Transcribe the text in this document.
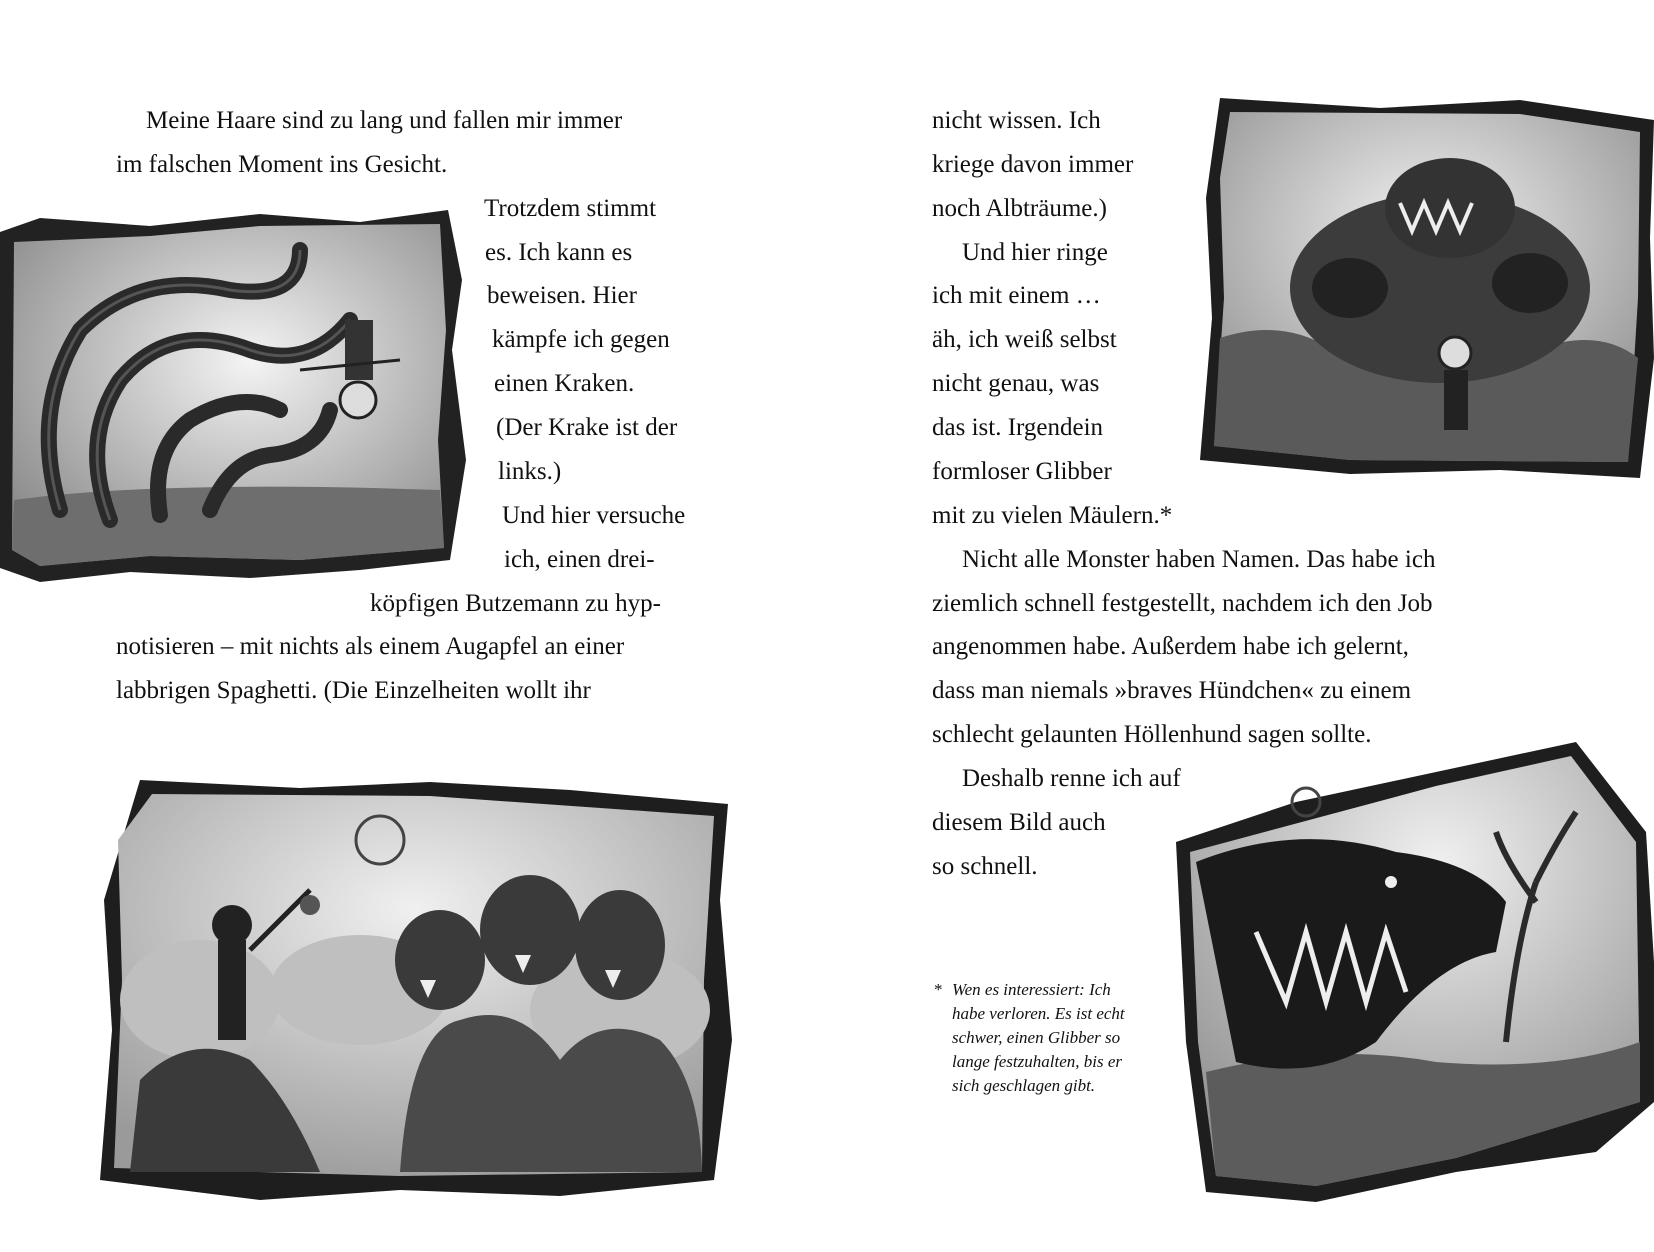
Meine Haare sind zu lang und fallen mir immer
im falschen Moment ins Gesicht.
Trotzdem stimmt
es. Ich kann es
beweisen. Hier
kämpfe ich gegen
einen Kraken.
(Der Krake ist der
links.)
Und hier versuche
ich, einen drei-
köpfigen Butzemann zu hyp-
notisieren – mit nichts als einem Augapfel an einer
labbrigen Spaghetti. (Die Einzelheiten wollt ihr
nicht wissen. Ich
kriege davon immer
noch Albträume.)
Und hier ringe
ich mit einem …
äh, ich weiß selbst
nicht genau, was
das ist. Irgendein
formloser Glibber
mit zu vielen Mäulern.*
Nicht alle Monster haben Namen. Das habe ich
ziemlich schnell festgestellt, nachdem ich den Job
angenommen habe. Außerdem habe ich gelernt,
dass man niemals »braves Hündchen« zu einem
schlecht gelaunten Höllenhund sagen sollte.
Deshalb renne ich auf
diesem Bild auch
so schnell.
* Wen es interessiert: Ich
habe verloren. Es ist echt
schwer, einen Glibber so
lange festzuhalten, bis er
sich geschlagen gibt.
